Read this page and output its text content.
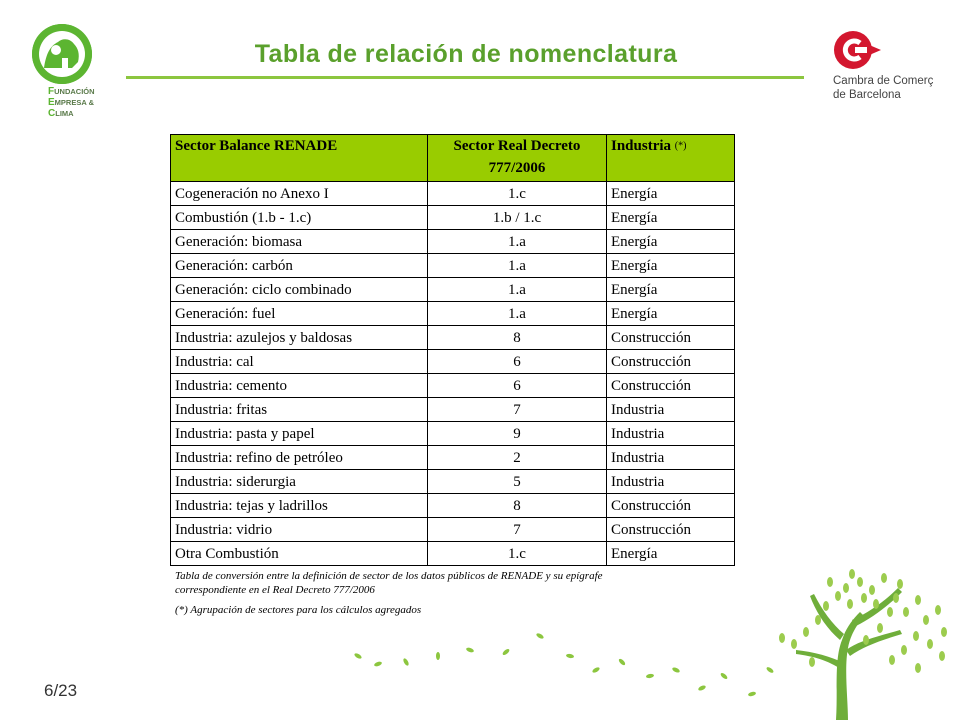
FUNDACIÓN
EMPRESA &
CLIMA
Tabla de relación de nomenclatura
Cambra de Comerç
de Barcelona
Sector Balance RENADE	Sector Real Decreto 777/2006	Industria (*)
Cogeneración no Anexo I	1.c	Energía
Combustión (1.b - 1.c)	1.b / 1.c	Energía
Generación: biomasa	1.a	Energía
Generación: carbón	1.a	Energía
Generación: ciclo combinado	1.a	Energía
Generación: fuel	1.a	Energía
Industria: azulejos y baldosas	8	Construcción
Industria: cal	6	Construcción
Industria: cemento	6	Construcción
Industria: fritas	7	Industria
Industria: pasta y papel	9	Industria
Industria: refino de petróleo	2	Industria
Industria: siderurgia	5	Industria
Industria: tejas y ladrillos	8	Construcción
Industria: vidrio	7	Construcción
Otra Combustión	1.c	Energía
Tabla de conversión entre la definición de sector de los datos públicos de RENADE y su epígrafe
correspondiente en el Real Decreto 777/2006
(*) Agrupación de sectores para los cálculos agregados
6/23
